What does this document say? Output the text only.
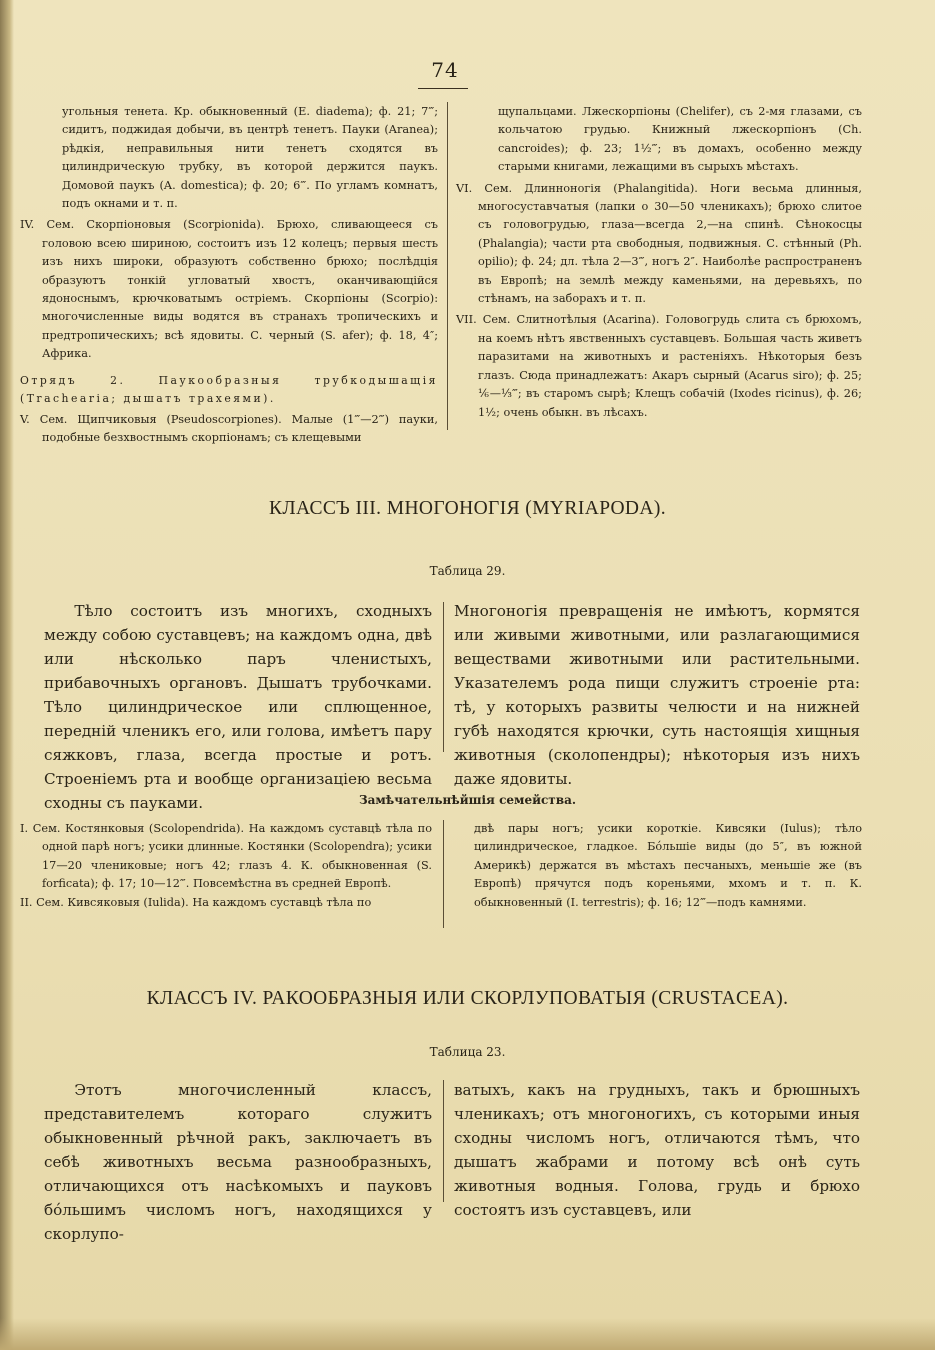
74

угольныя тенета. Кр. обыкновенный (E. diadema); ф. 21; 7‴; сидитъ, поджидая добычи, въ центрѣ тенетъ. Пауки (Aranea); рѣдкія, неправильныя нити тенетъ сходятся въ цилиндрическую трубку, въ которой держится паукъ. Домовой паукъ (A. domestica); ф. 20; 6‴. По угламъ комнатъ, подъ окнами и т. п.

IV. Сем. Скорпіоновыя (Scorpionida). Брюхо, сливающееся съ головою всею шириною, состоитъ изъ 12 колецъ; первыя шесть изъ нихъ широки, образуютъ собственно брюхо; послѣдція образуютъ тонкій угловатый хвостъ, оканчивающійся ядоноснымъ, крючковатымъ остріемъ. Скорпіоны (Scorpio): многочисленные виды водятся въ странахъ тропическихъ и предтропическихъ; всѣ ядовиты. С. черный (S. afer); ф. 18, 4″; Африка.

Отрядъ 2. Паукообразныя трубкодышащія (Tracheаria; дышатъ трахеями).

V. Сем. Щипчиковыя (Pseudoscorpiones). Малые (1‴—2‴) пауки, подобные безхвостнымъ скорпіонамъ; съ клещевыми

щупальцами. Лжескорпіоны (Chelifer), съ 2-мя глазами, съ кольчатою грудью. Книжный лжескорпіонъ (Ch. cancroides); ф. 23; 1½‴; въ домахъ, особенно между старыми книгами, лежащими въ сырыхъ мѣстахъ.

VI. Сем. Длинноногія (Phalangitida). Ноги весьма длинныя, многосуставчатыя (лапки о 30—50 членикахъ); брюхо слитое съ головогрудью, глаза—всегда 2,—на спинѣ. Сѣнокосцы (Phalangia); части рта свободныя, подвижныя. С. стѣнный (Ph. opilio); ф. 24; дл. тѣла 2—3‴, ногъ 2″. Наиболѣе распространенъ въ Европѣ; на землѣ между каменьями, на деревьяхъ, по стѣнамъ, на заборахъ и т. п.

VII. Сем. Слитнотѣлыя (Acarina). Головогрудь слита съ брюхомъ, на коемъ нѣтъ явственныхъ суставцевъ. Большая часть живетъ паразитами на животныхъ и растеніяхъ. Нѣкоторыя безъ глазъ. Сюда принадлежатъ: Акаръ сырный (Acarus siro); ф. 25; ⅙—⅓‴; въ старомъ сырѣ; Клещъ собачій (Ixodes ricinus), ф. 26; 1½; очень обыкн. въ лѣсахъ.

КЛАССЪ III. МНОГОНОГІЯ (MYRIAPODA).
Таблица 29.

Тѣло состоитъ изъ многихъ, сходныхъ между собою суставцевъ; на каждомъ одна, двѣ или нѣсколько паръ членистыхъ, прибавочныхъ органовъ. Дышатъ трубочками. Тѣло цилиндрическое или сплющенное, передній членикъ его, или голова, имѣетъ пару сяжковъ, глаза, всегда простые и ротъ. Строеніемъ рта и вообще организацiею весьма сходны съ пауками.

Многоногія превращенія не имѣютъ, кормятся или живыми животными, или разлагающимися веществами животными или растительными. Указателемъ рода пищи служитъ строеніе рта: тѣ, у которыхъ развиты челюсти и на нижней губѣ находятся крючки, суть настоящія хищныя животныя (сколопендры); нѣкоторыя изъ нихъ даже ядовиты.

Замѣчательнѣйшія семейства.

I. Сем. Костянковыя (Scolopendrida). На каждомъ суставцѣ тѣла по одной парѣ ногъ; усики длинные. Костянки (Scolopendra); усики 17—20 члениковые; ногъ 42; глазъ 4. К. обыкновенная (S. forficata); ф. 17; 10—12‴. Повсемѣстна въ средней Европѣ.

II. Сем. Кивсяковыя (Iulida). На каждомъ суставцѣ тѣла по

двѣ пары ногъ; усики короткіе. Кивсяки (Iulus); тѣло цилиндрическое, гладкое. Бóльшіе виды (до 5″, въ южной Америкѣ) держатся въ мѣстахъ песчаныхъ, меньшіе же (въ Европѣ) прячутся подъ кореньями, мхомъ и т. п. К. обыкновенный (I. terrestris); ф. 16; 12‴—подъ камнями.

КЛАССЪ IV. РАКООБРАЗНЫЯ ИЛИ СКОРЛУПОВАТЫЯ (CRUSTACEA).
Таблица 23.

Этотъ многочисленный классъ, представителемъ котораго служитъ обыкновенный рѣчной ракъ, заключаетъ въ себѣ животныхъ весьма разнообразныхъ, отличающихся отъ насѣкомыхъ и пауковъ бóльшимъ числомъ ногъ, находящихся у скорлупо-

ватыхъ, какъ на грудныхъ, такъ и брюшныхъ членикахъ; отъ многоногихъ, съ которыми иныя сходны числомъ ногъ, отличаются тѣмъ, что дышатъ жабрами и потому всѣ онѣ суть животныя водныя. Голова, грудь и брюхо состоятъ изъ суставцевъ, или
